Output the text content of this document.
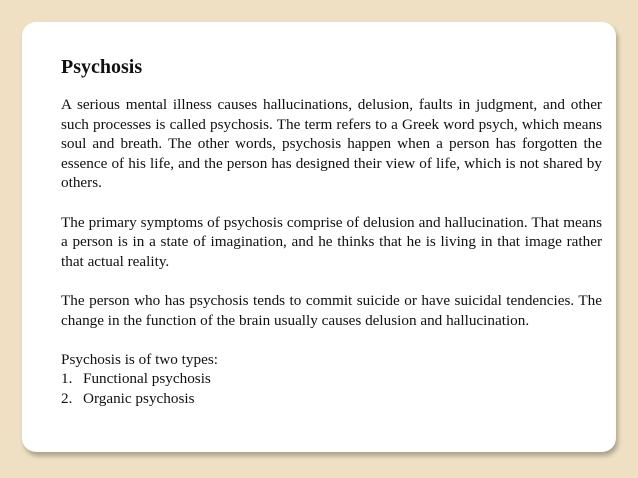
Psychosis

A serious mental illness causes hallucinations, delusion, faults in judgment, and other such processes is called psychosis. The term refers to a Greek word psych, which means soul and breath. The other words, psychosis happen when a person has forgotten the essence of his life, and the person has designed their view of life, which is not shared by others.

The primary symptoms of psychosis comprise of delusion and hallucination. That means a person is in a state of imagination, and he thinks that he is living in that image rather that actual reality.

The person who has psychosis tends to commit suicide or have suicidal tendencies. The change in the function of the brain usually causes delusion and hallucination.

Psychosis is of two types:

1. Functional psychosis
2. Organic psychosis
